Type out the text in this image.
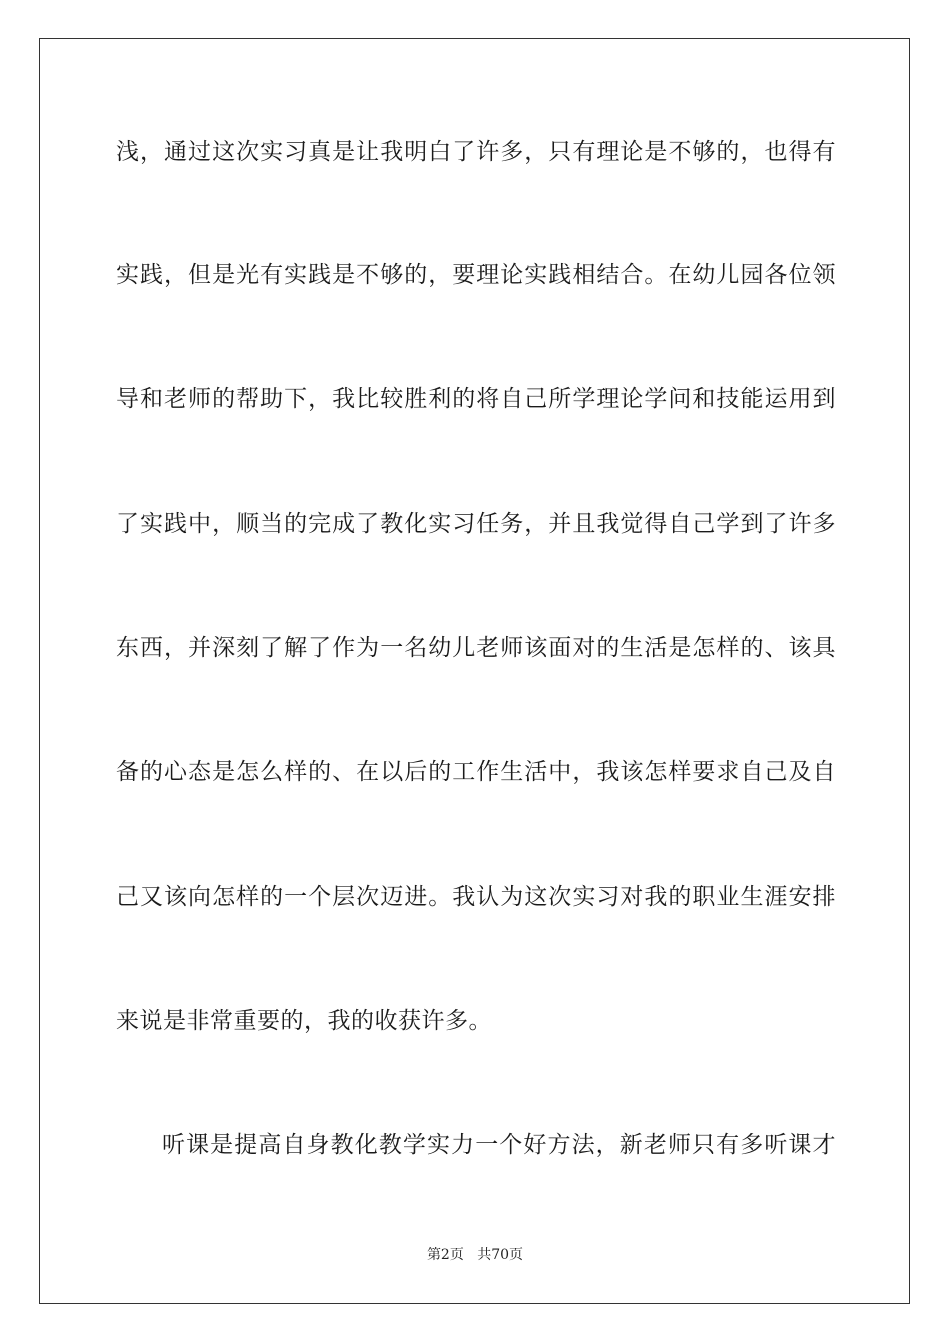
浅，通过这次实习真是让我明白了许多，只有理论是不够的，也得有

实践，但是光有实践是不够的，要理论实践相结合。在幼儿园各位领

导和老师的帮助下，我比较胜利的将自己所学理论学问和技能运用到

了实践中，顺当的完成了教化实习任务，并且我觉得自己学到了许多

东西，并深刻了解了作为一名幼儿老师该面对的生活是怎样的、该具

备的心态是怎么样的、在以后的工作生活中，我该怎样要求自己及自

己又该向怎样的一个层次迈进。我认为这次实习对我的职业生涯安排

来说是非常重要的，我的收获许多。

听课是提高自身教化教学实力一个好方法，新老师只有多听课才

第2页 共70页
